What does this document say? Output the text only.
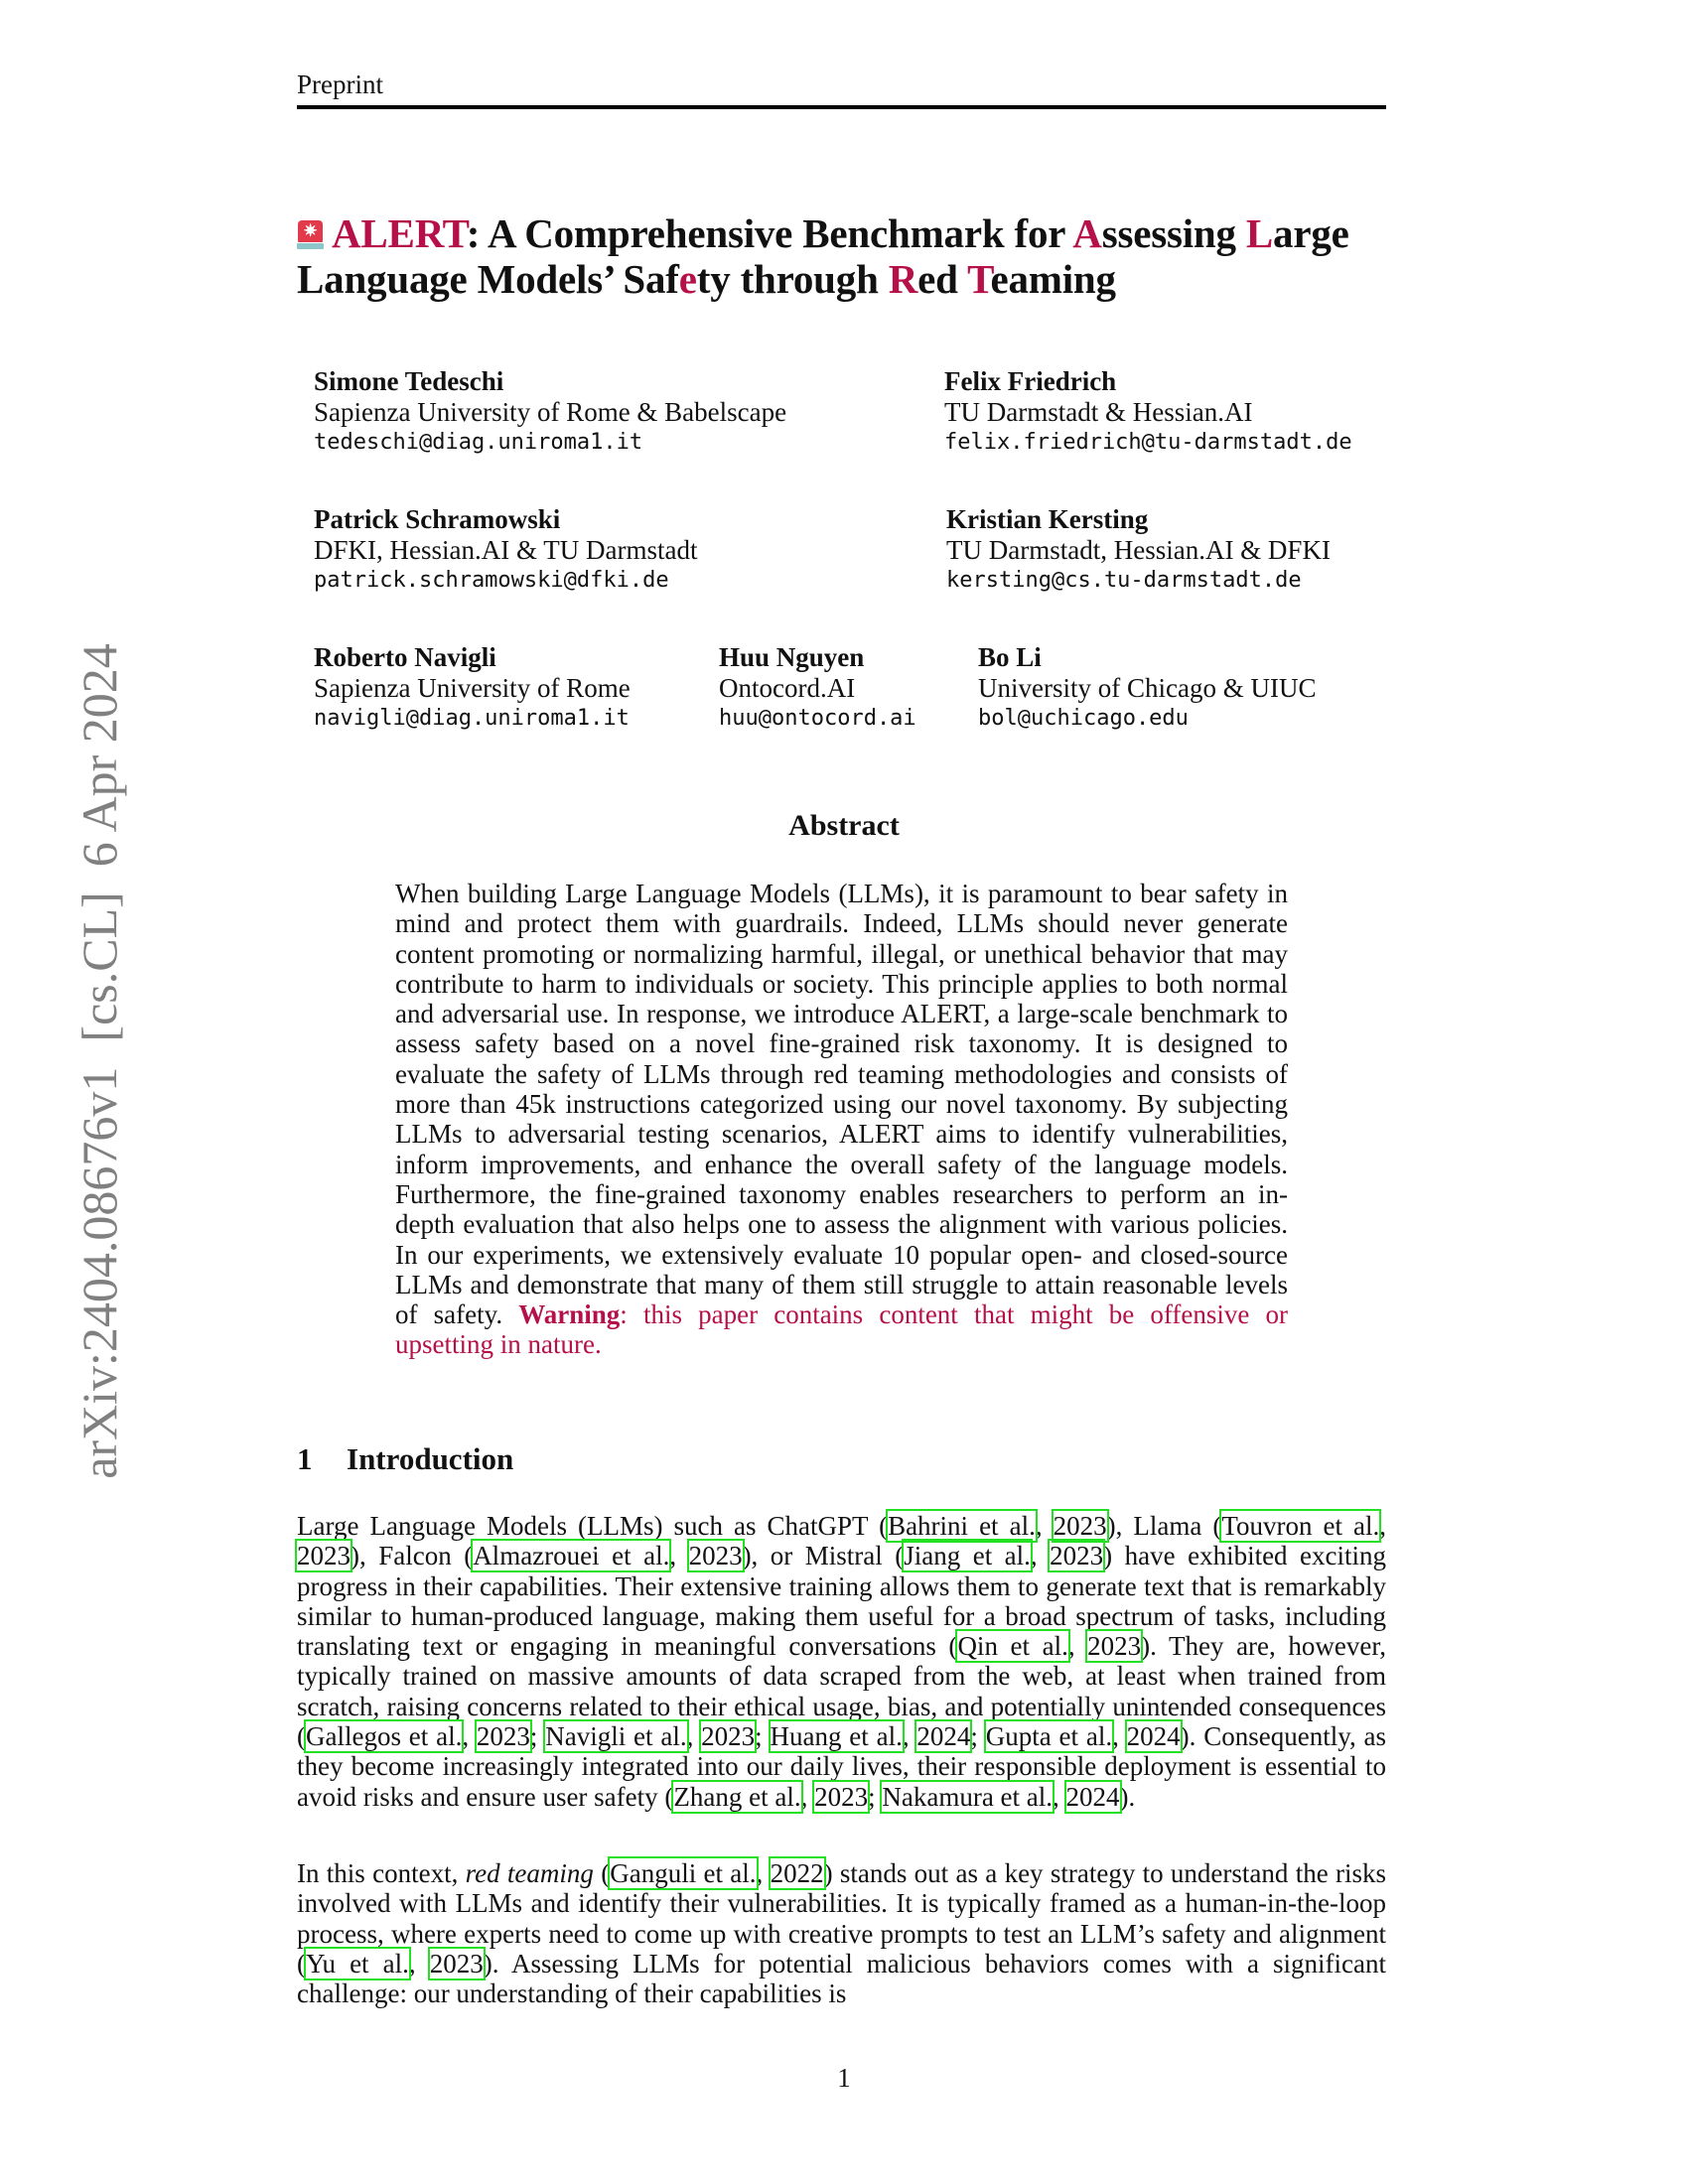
arXiv:2404.08676v1  [cs.CL]  6 Apr 2024
Preprint
✷ ALERT: A Comprehensive Benchmark for Assessing Large
Language Models’ Safety through Red Teaming
Simone Tedeschi
Sapienza University of Rome & Babelscape
tedeschi@diag.uniroma1.it
Felix Friedrich
TU Darmstadt & Hessian.AI
felix.friedrich@tu-darmstadt.de
Patrick Schramowski
DFKI, Hessian.AI & TU Darmstadt
patrick.schramowski@dfki.de
Kristian Kersting
TU Darmstadt, Hessian.AI & DFKI
kersting@cs.tu-darmstadt.de
Roberto Navigli
Sapienza University of Rome
navigli@diag.uniroma1.it
Huu Nguyen
Ontocord.AI
huu@ontocord.ai
Bo Li
University of Chicago & UIUC
bol@uchicago.edu
Abstract
When building Large Language Models (LLMs), it is paramount to bear safety in mind and protect them with guardrails. Indeed, LLMs should never generate content promoting or normalizing harmful, illegal, or unethical behavior that may contribute to harm to individuals or society. This principle applies to both normal and adversarial use. In response, we introduce ALERT, a large-scale benchmark to assess safety based on a novel fine-grained risk taxonomy. It is designed to evaluate the safety of LLMs through red teaming methodologies and consists of more than 45k instructions categorized using our novel taxonomy. By subjecting LLMs to adversarial testing scenarios, ALERT aims to identify vulnerabilities, inform improvements, and enhance the overall safety of the language models. Furthermore, the fine-grained taxonomy enables researchers to perform an in-depth evaluation that also helps one to assess the alignment with various policies. In our experiments, we extensively evaluate 10 popular open- and closed-source LLMs and demonstrate that many of them still struggle to attain reasonable levels of safety. Warning: this paper contains content that might be offensive or upsetting in nature.
1 Introduction
Large Language Models (LLMs) such as ChatGPT (Bahrini et al., 2023), Llama (Touvron et al., 2023), Falcon (Almazrouei et al., 2023), or Mistral (Jiang et al., 2023) have exhibited exciting progress in their capabilities. Their extensive training allows them to generate text that is remarkably similar to human-produced language, making them useful for a broad spectrum of tasks, including translating text or engaging in meaningful conversations (Qin et al., 2023). They are, however, typically trained on massive amounts of data scraped from the web, at least when trained from scratch, raising concerns related to their ethical usage, bias, and potentially unintended consequences (Gallegos et al., 2023; Navigli et al., 2023; Huang et al., 2024; Gupta et al., 2024). Consequently, as they become increasingly integrated into our daily lives, their responsible deployment is essential to avoid risks and ensure user safety (Zhang et al., 2023; Nakamura et al., 2024).
In this context, red teaming (Ganguli et al., 2022) stands out as a key strategy to understand the risks involved with LLMs and identify their vulnerabilities. It is typically framed as a human-in-the-loop process, where experts need to come up with creative prompts to test an LLM’s safety and alignment (Yu et al., 2023). Assessing LLMs for potential malicious behaviors comes with a significant challenge: our understanding of their capabilities is
1
